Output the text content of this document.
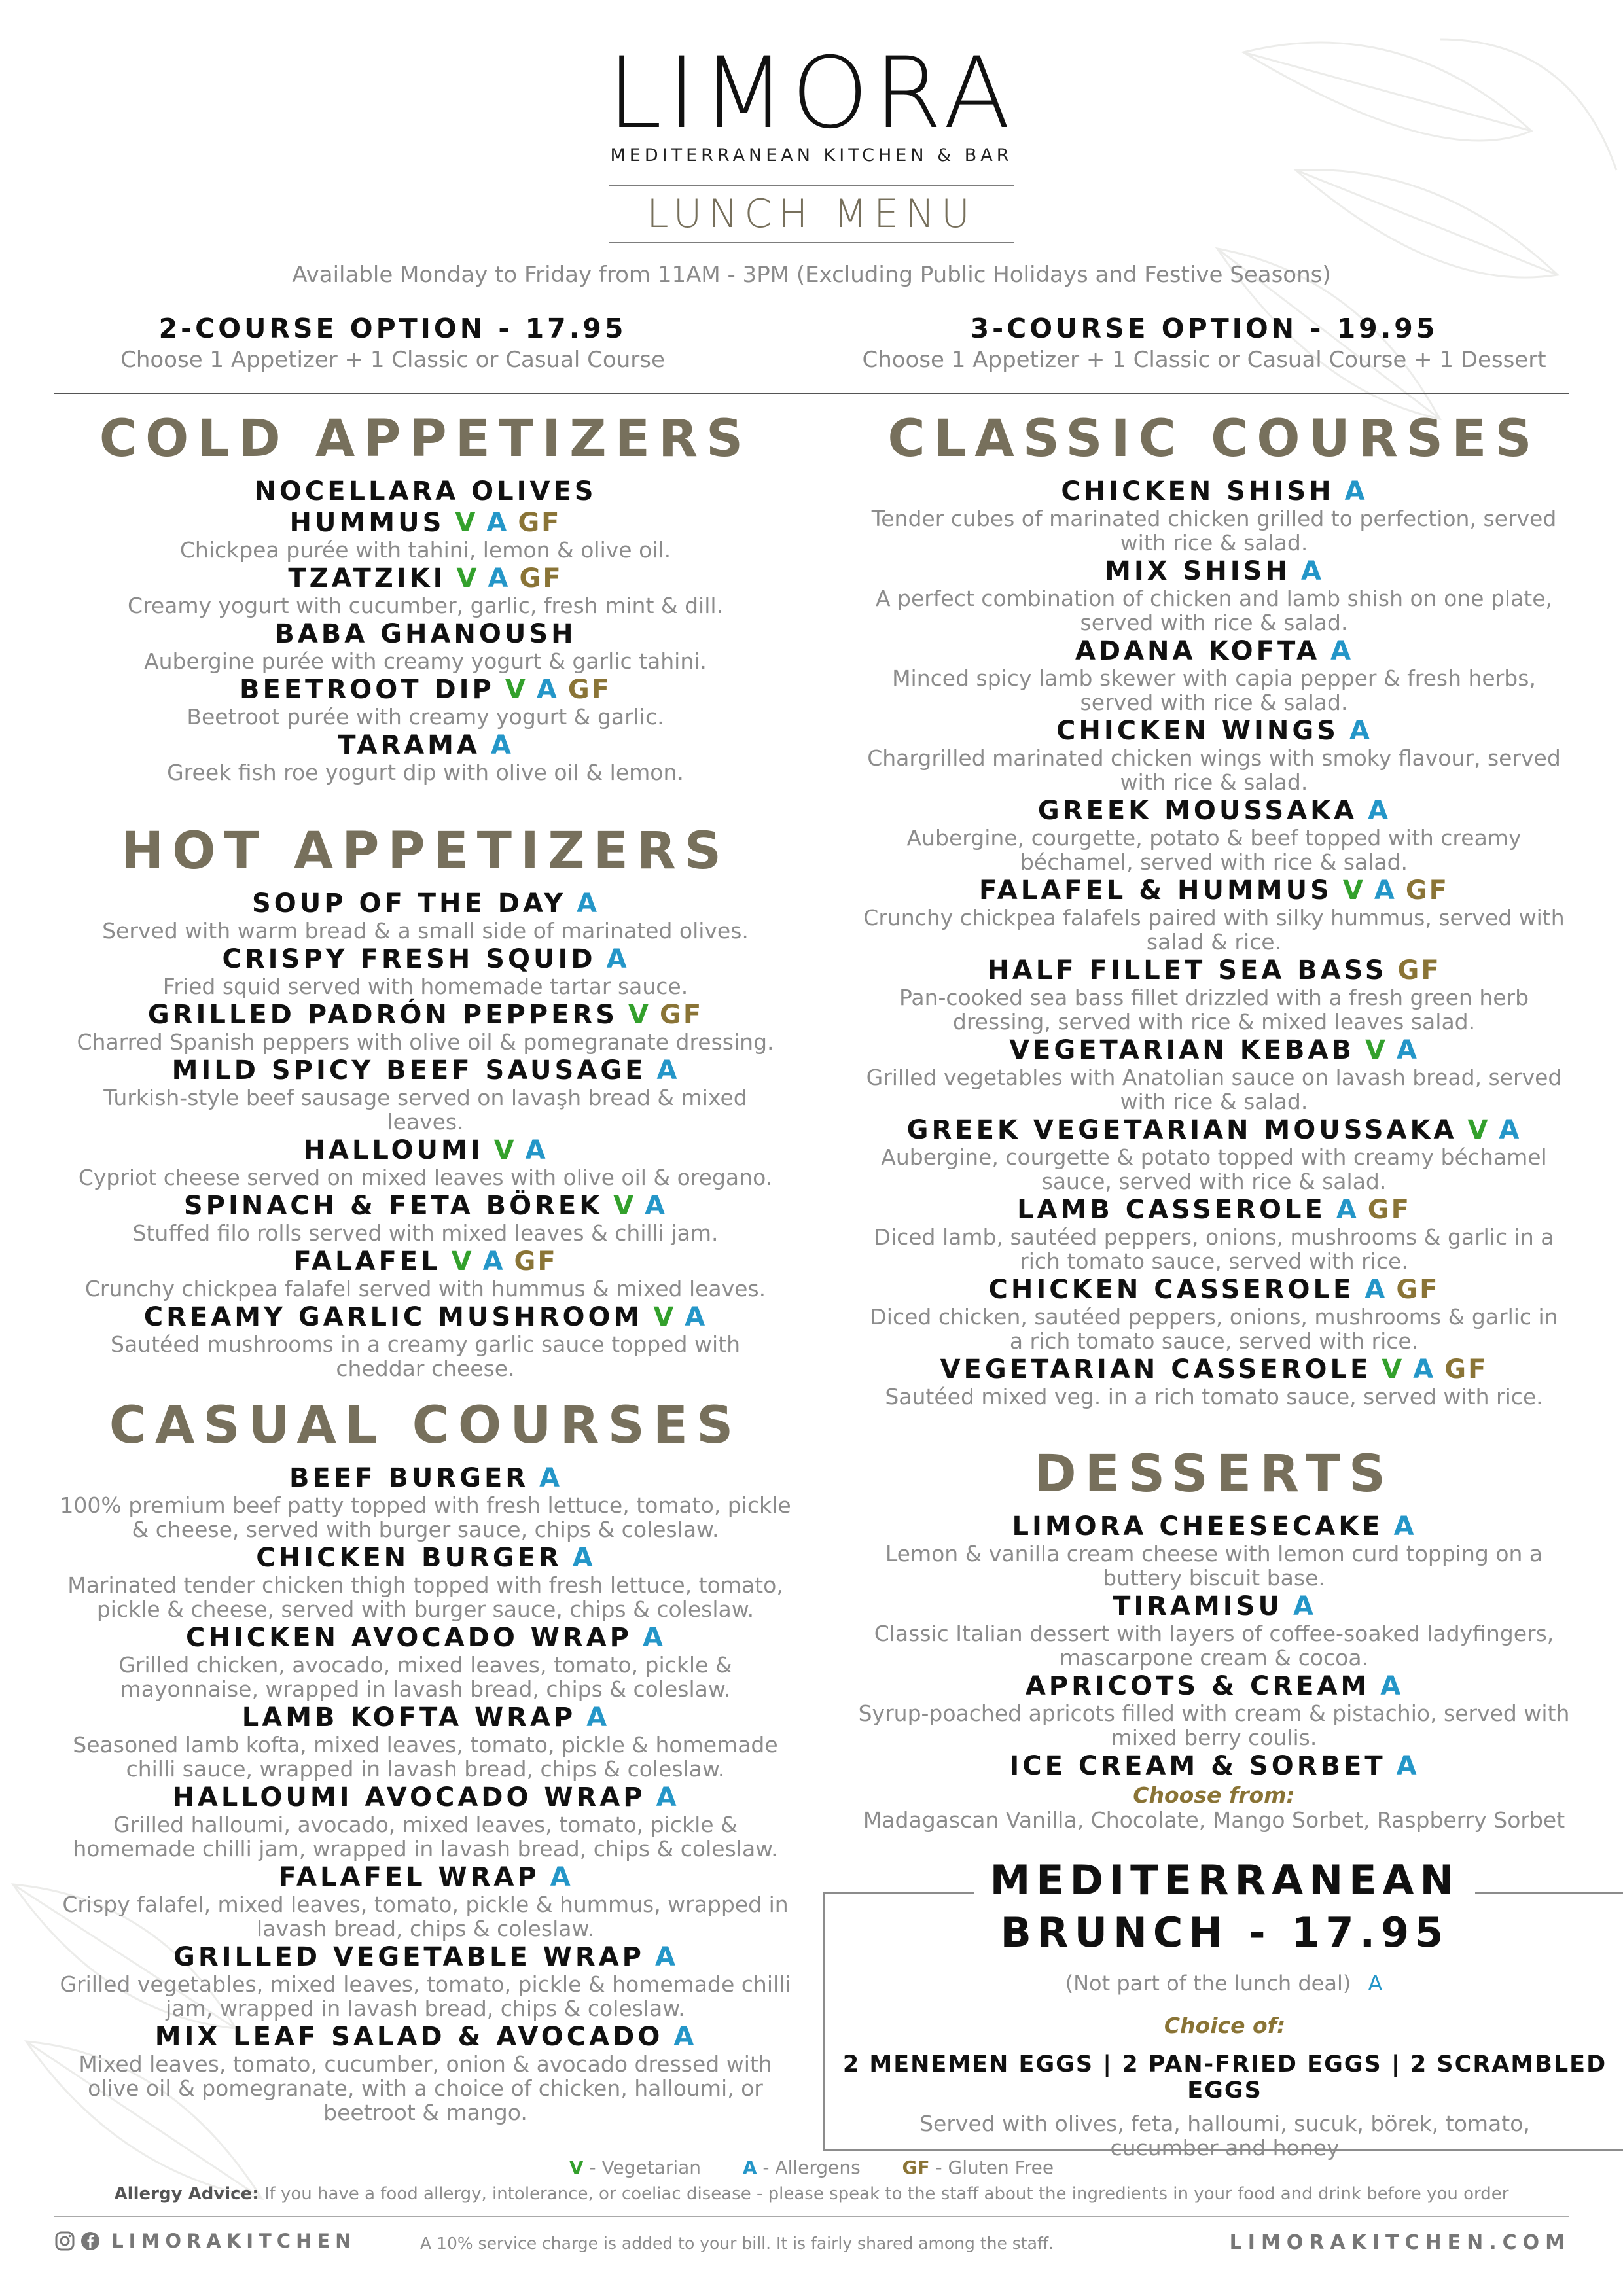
LIMORA
MEDITERRANEAN KITCHEN & BAR
LUNCH MENU
Available Monday to Friday from 11AM - 3PM (Excluding Public Holidays and Festive Seasons)
2-COURSE OPTION - 17.95
Choose 1 Appetizer + 1 Classic or Casual Course
3-COURSE OPTION - 19.95
Choose 1 Appetizer + 1 Classic or Casual Course + 1 Dessert
COLD APPETIZERS
NOCELLARA OLIVES
HUMMUS V A GF
Chickpea purée with tahini, lemon & olive oil.
TZATZIKI V A GF
Creamy yogurt with cucumber, garlic, fresh mint & dill.
BABA GHANOUSH
Aubergine purée with creamy yogurt & garlic tahini.
BEETROOT DIP V A GF
Beetroot purée with creamy yogurt & garlic.
TARAMA A
Greek fish roe yogurt dip with olive oil & lemon.
HOT APPETIZERS
SOUP OF THE DAY A
Served with warm bread & a small side of marinated olives.
CRISPY FRESH SQUID A
Fried squid served with homemade tartar sauce.
GRILLED PADRÓN PEPPERS V GF
Charred Spanish peppers with olive oil & pomegranate dressing.
MILD SPICY BEEF SAUSAGE A
Turkish-style beef sausage served on lavaşh bread & mixed leaves.
HALLOUMI V A
Cypriot cheese served on mixed leaves with olive oil & oregano.
SPINACH & FETA BÖREK V A
Stuffed filo rolls served with mixed leaves & chilli jam.
FALAFEL V A GF
Crunchy chickpea falafel served with hummus & mixed leaves.
CREAMY GARLIC MUSHROOM V A
Sautéed mushrooms in a creamy garlic sauce topped with cheddar cheese.
CASUAL COURSES
BEEF BURGER A
100% premium beef patty topped with fresh lettuce, tomato, pickle & cheese, served with burger sauce, chips & coleslaw.
CHICKEN BURGER A
Marinated tender chicken thigh topped with fresh lettuce, tomato, pickle & cheese, served with burger sauce, chips & coleslaw.
CHICKEN AVOCADO WRAP A
Grilled chicken, avocado, mixed leaves, tomato, pickle & mayonnaise, wrapped in lavash bread, chips & coleslaw.
LAMB KOFTA WRAP A
Seasoned lamb kofta, mixed leaves, tomato, pickle & homemade chilli sauce, wrapped in lavash bread, chips & coleslaw.
HALLOUMI AVOCADO WRAP A
Grilled halloumi, avocado, mixed leaves, tomato, pickle & homemade chilli jam, wrapped in lavash bread, chips & coleslaw.
FALAFEL WRAP A
Crispy falafel, mixed leaves, tomato, pickle & hummus, wrapped in lavash bread, chips & coleslaw.
GRILLED VEGETABLE WRAP A
Grilled vegetables, mixed leaves, tomato, pickle & homemade chilli jam, wrapped in lavash bread, chips & coleslaw.
MIX LEAF SALAD & AVOCADO A
Mixed leaves, tomato, cucumber, onion & avocado dressed with olive oil & pomegranate, with a choice of chicken, halloumi, or beetroot & mango.
CLASSIC COURSES
CHICKEN SHISH A
Tender cubes of marinated chicken grilled to perfection, served with rice & salad.
MIX SHISH A
A perfect combination of chicken and lamb shish on one plate, served with rice & salad.
ADANA KOFTA A
Minced spicy lamb skewer with capia pepper & fresh herbs, served with rice & salad.
CHICKEN WINGS A
Chargrilled marinated chicken wings with smoky flavour, served with rice & salad.
GREEK MOUSSAKA A
Aubergine, courgette, potato & beef topped with creamy béchamel, served with rice & salad.
FALAFEL & HUMMUS V A GF
Crunchy chickpea falafels paired with silky hummus, served with salad & rice.
HALF FILLET SEA BASS GF
Pan-cooked sea bass fillet drizzled with a fresh green herb dressing, served with rice & mixed leaves salad.
VEGETARIAN KEBAB V A
Grilled vegetables with Anatolian sauce on lavash bread, served with rice & salad.
GREEK VEGETARIAN MOUSSAKA V A
Aubergine, courgette & potato topped with creamy béchamel sauce, served with rice & salad.
LAMB CASSEROLE A GF
Diced lamb, sautéed peppers, onions, mushrooms & garlic in a rich tomato sauce, served with rice.
CHICKEN CASSEROLE A GF
Diced chicken, sautéed peppers, onions, mushrooms & garlic in a rich tomato sauce, served with rice.
VEGETARIAN CASSEROLE V A GF
Sautéed mixed veg. in a rich tomato sauce, served with rice.
DESSERTS
LIMORA CHEESECAKE A
Lemon & vanilla cream cheese with lemon curd topping on a buttery biscuit base.
TIRAMISU A
Classic Italian dessert with layers of coffee-soaked ladyfingers, mascarpone cream & cocoa.
APRICOTS & CREAM A
Syrup-poached apricots filled with cream & pistachio, served with mixed berry coulis.
ICE CREAM & SORBET A
Choose from:
Madagascan Vanilla, Chocolate, Mango Sorbet, Raspberry Sorbet
MEDITERRANEAN
BRUNCH - 17.95
(Not part of the lunch deal) A
Choice of:
2 MENEMEN EGGS | 2 PAN-FRIED EGGS | 2 SCRAMBLED EGGS
Served with olives, feta, halloumi, sucuk, börek, tomato, cucumber and honey
V - Vegetarian A - Allergens GF - Gluten Free
Allergy Advice: If you have a food allergy, intolerance, or coeliac disease - please speak to the staff about the ingredients in your food and drink before you order
LIMORAKITCHEN	A 10% service charge is added to your bill. It is fairly shared among the staff.	LIMORAKITCHEN.COM
